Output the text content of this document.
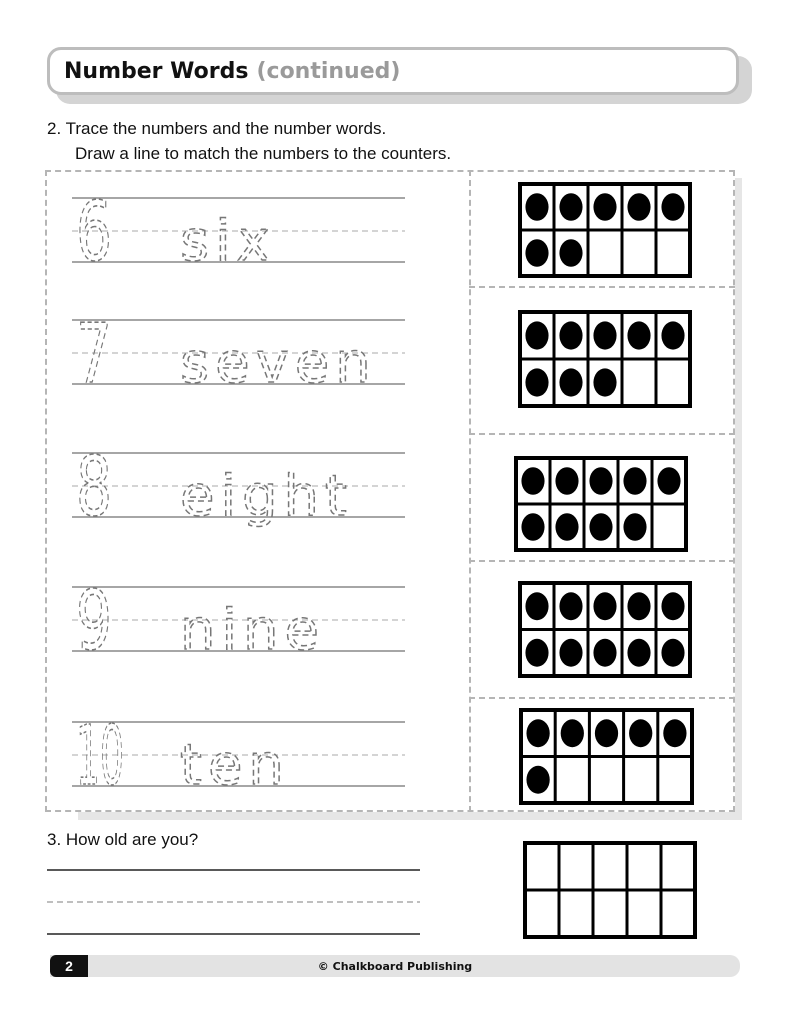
Number Words (continued)
2. Trace the numbers and the number words.
Draw a line to match the numbers to the counters.
6 six
7 seven
8 eight
9 nine
10 ten
3. How old are you?
2	© Chalkboard Publishing
